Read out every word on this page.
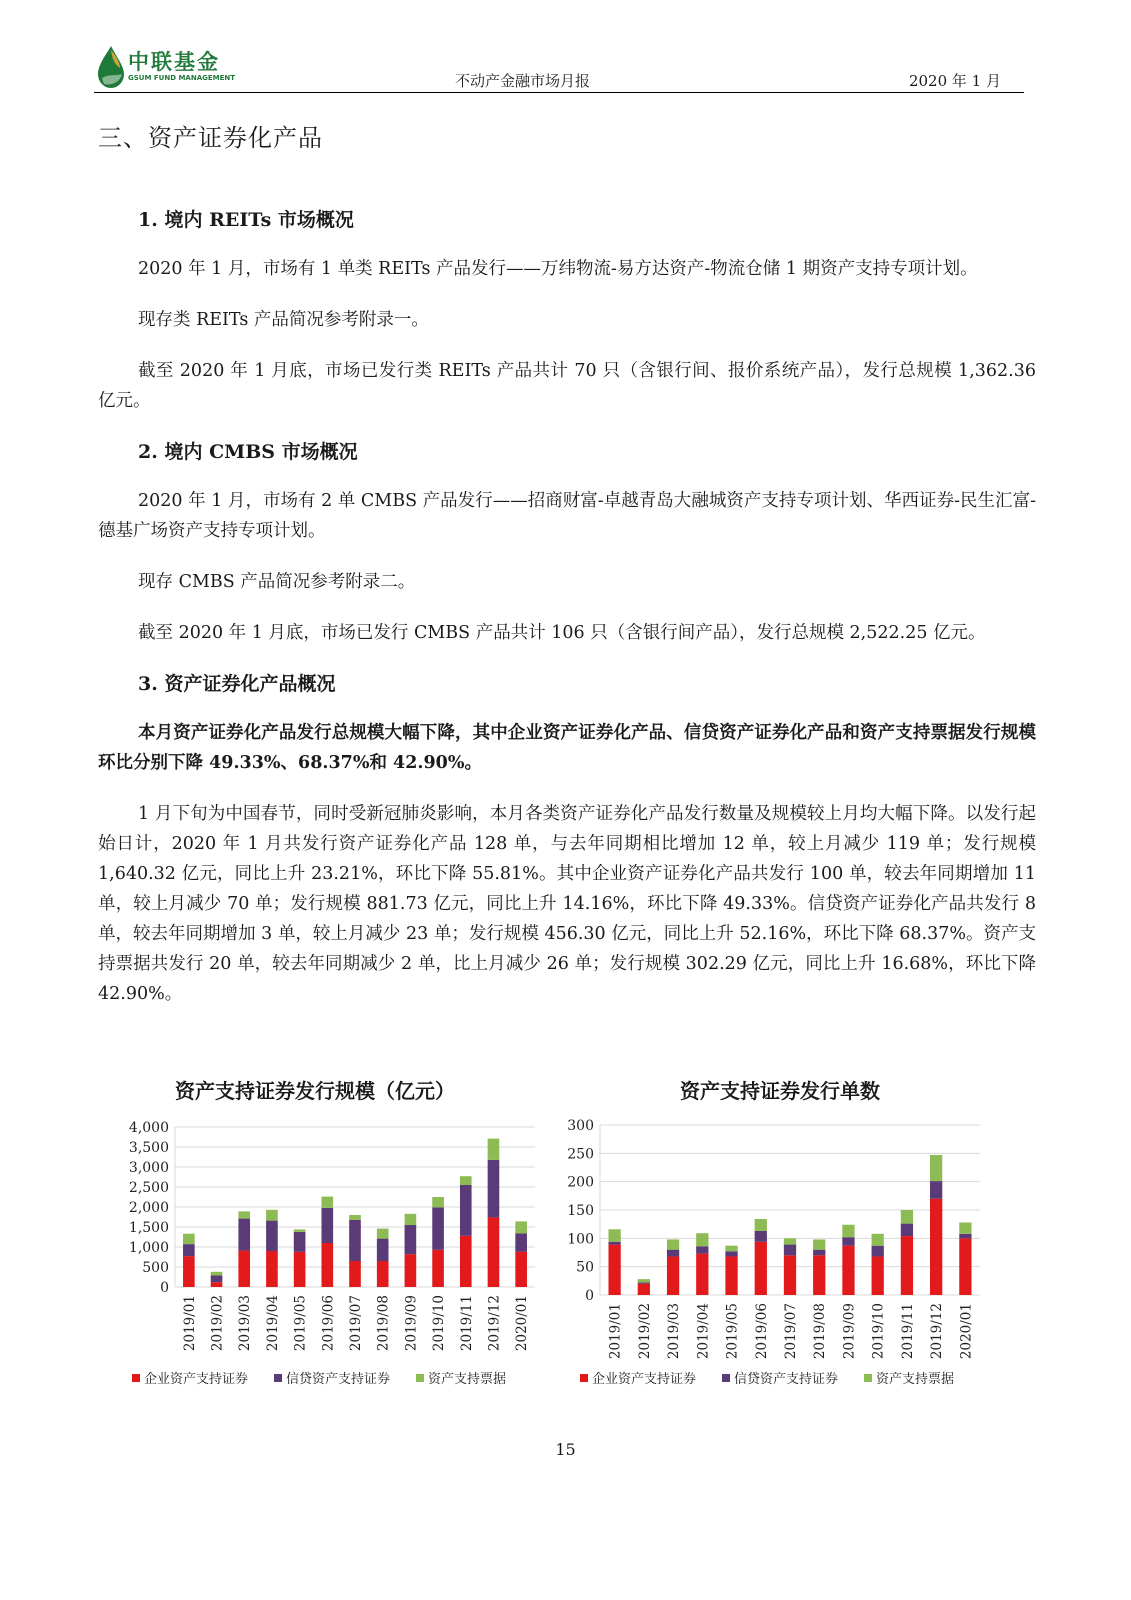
中联基金
GSUM FUND MANAGEMENT	不动产金融市场月报	2020 年 1 月
三、资产证券化产品
1. 境内 REITs 市场概况
2020 年 1 月，市场有 1 单类 REITs 产品发行——万纬物流-易方达资产-物流仓储 1 期资产支持专项计划。
现存类 REITs 产品简况参考附录一。
截至 2020 年 1 月底，市场已发行类 REITs 产品共计 70 只（含银行间、报价系统产品），发行总规模 1,362.36 亿元。
2. 境内 CMBS 市场概况
2020 年 1 月，市场有 2 单 CMBS 产品发行——招商财富-卓越青岛大融城资产支持专项计划、华西证券-民生汇富-德基广场资产支持专项计划。
现存 CMBS 产品简况参考附录二。
截至 2020 年 1 月底，市场已发行 CMBS 产品共计 106 只（含银行间产品），发行总规模 2,522.25 亿元。
3. 资产证券化产品概况
本月资产证券化产品发行总规模大幅下降，其中企业资产证券化产品、信贷资产证券化产品和资产支持票据发行规模环比分别下降 49.33%、68.37%和 42.90%。
1 月下旬为中国春节，同时受新冠肺炎影响，本月各类资产证券化产品发行数量及规模较上月均大幅下降。以发行起始日计，2020 年 1 月共发行资产证券化产品 128 单，与去年同期相比增加 12 单，较上月减少 119 单；发行规模 1,640.32 亿元，同比上升 23.21%，环比下降 55.81%。其中企业资产证券化产品共发行 100 单，较去年同期增加 11 单，较上月减少 70 单；发行规模 881.73 亿元，同比上升 14.16%，环比下降 49.33%。信贷资产证券化产品共发行 8 单，较去年同期增加 3 单，较上月减少 23 单；发行规模 456.30 亿元，同比上升 52.16%，环比下降 68.37%。资产支持票据共发行 20 单，较去年同期减少 2 单，比上月减少 26 单；发行规模 302.29 亿元，同比上升 16.68%，环比下降 42.90%。
资产支持证券发行规模（亿元）
0
500
1,000
1,500
2,000
2,500
3,000
3,500
4,000
2019/01 2019/02 2019/03 2019/04 2019/05 2019/06 2019/07 2019/08 2019/09 2019/10 2019/11 2019/12 2020/01
企业资产支持证券	信贷资产支持证券	资产支持票据
资产支持证券发行单数
0
50
100
150
200
250
300
2019/01 2019/02 2019/03 2019/04 2019/05 2019/06 2019/07 2019/08 2019/09 2019/10 2019/11 2019/12 2020/01
企业资产支持证券	信贷资产支持证券	资产支持票据
15
